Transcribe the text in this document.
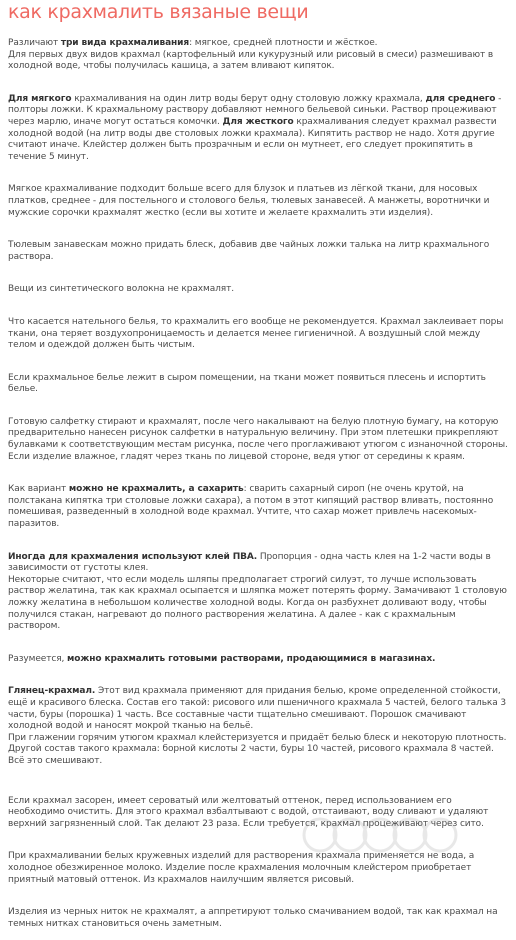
как крахмалить вязаные вещи

Различают три вида крахмаливания: мягкое, средней плотности и жёсткое.
Для первых двух видов крахмал (картофельный или кукурузный или рисовый в смеси) размешивают в холодной воде, чтобы получилась кашица, а затем вливают кипяток.

Для мягкого крахмаливания на один литр воды берут одну столовую ложку крахмала, для среднего - полторы ложки. К крахмальному раствору добавляют немного бельевой синьки. Раствор процеживают через марлю, иначе могут остаться комочки. Для жесткого крахмаливания следует крахмал развести холодной водой (на литр воды две столовых ложки крахмала). Кипятить раствор не надо. Хотя другие считают иначе. Клейстер должен быть прозрачным и если он мутнеет, его следует прокипятить в течение 5 минут.

Мягкое крахмаливание подходит больше всего для блузок и платьев из лёгкой ткани, для носовых платков, среднее - для постельного и столового белья, тюлевых занавесей. А манжеты, воротнички и мужские сорочки крахмалят жестко (если вы хотите и желаете крахмалить эти изделия).

Тюлевым занавескам можно придать блеск, добавив две чайных ложки талька на литр крахмального раствора.

Вещи из синтетического волокна не крахмалят.

Что касается нательного белья, то крахмалить его вообще не рекомендуется. Крахмал заклеивает поры ткани, она теряет воздухопроницаемость и делается менее гигиеничной. А воздушный слой между телом и одеждой должен быть чистым.

Если крахмальное белье лежит в сыром помещении, на ткани может появиться плесень и испортить белье.

Готовую салфетку стирают и крахмалят, после чего накалывают на белую плотную бумагу, на которую предварительно нанесен рисунок салфетки в натуральную величину. При этом плетешки прикрепляют булавками к соответствующим местам рисунка, после чего проглаживают утюгом с изнаночной стороны. Если изделие влажное, гладят через ткань по лицевой стороне, ведя утюг от середины к краям.

Как вариант можно не крахмалить, а сахарить: сварить сахарный сироп (не очень крутой, на полстакана кипятка три столовые ложки сахара), а потом в этот кипящий раствор вливать, постоянно помешивая, разведенный в холодной воде крахмал. Учтите, что сахар может привлечь насекомых-паразитов.

Иногда для крахмаления используют клей ПВА. Пропорция - одна часть клея на 1-2 части воды в зависимости от густоты клея.
Некоторые считают, что если модель шляпы предполагает строгий силуэт, то лучше использовать раствор желатина, так как крахмал осыпается и шляпка может потерять форму. Замачивают 1 столовую ложку желатина в небольшом количестве холодной воды. Когда он разбухнет доливают воду, чтобы получился стакан, нагревают до полного растворения желатина. А далее - как с крахмальным раствором.

Разумеется, можно крахмалить готовыми растворами, продающимися в магазинах.

Глянец-крахмал. Этот вид крахмала применяют для придания белью, кроме определенной стойкости, ещё и красивого блеска. Состав его такой: рисового или пшеничного крахмала 5 частей, белого талька 3 части, буры (порошка) 1 часть. Все составные части тщательно смешивают. Порошок смачивают холодной водой и наносят мокрой тканью на бельё.
При глажении горячим утюгом крахмал клейстеризуется и придаёт белью блеск и некоторую плотность.
Другой состав такого крахмала: борной кислоты 2 части, буры 10 частей, рисового крахмала 8 частей. Всё это смешивают.

Если крахмал засорен, имеет сероватый или желтоватый оттенок, перед использованием его необходимо очистить. Для этого крахмал взбалтывают с водой, отстаивают, воду сливают и удаляют верхний загрязненный слой. Так делают 23 раза. Если требуется, крахмал процеживают через сито.

При крахмаливании белых кружевных изделий для растворения крахмала применяется не вода, а холодное обезжиренное молоко. Изделие после крахмаления молочным клейстером приобретает приятный матовый оттенок. Из крахмалов наилучшим является рисовый.

Изделия из черных ниток не крахмалят, а аппретируют только смачиванием водой, так как крахмал на темных нитках становиться очень заметным.
